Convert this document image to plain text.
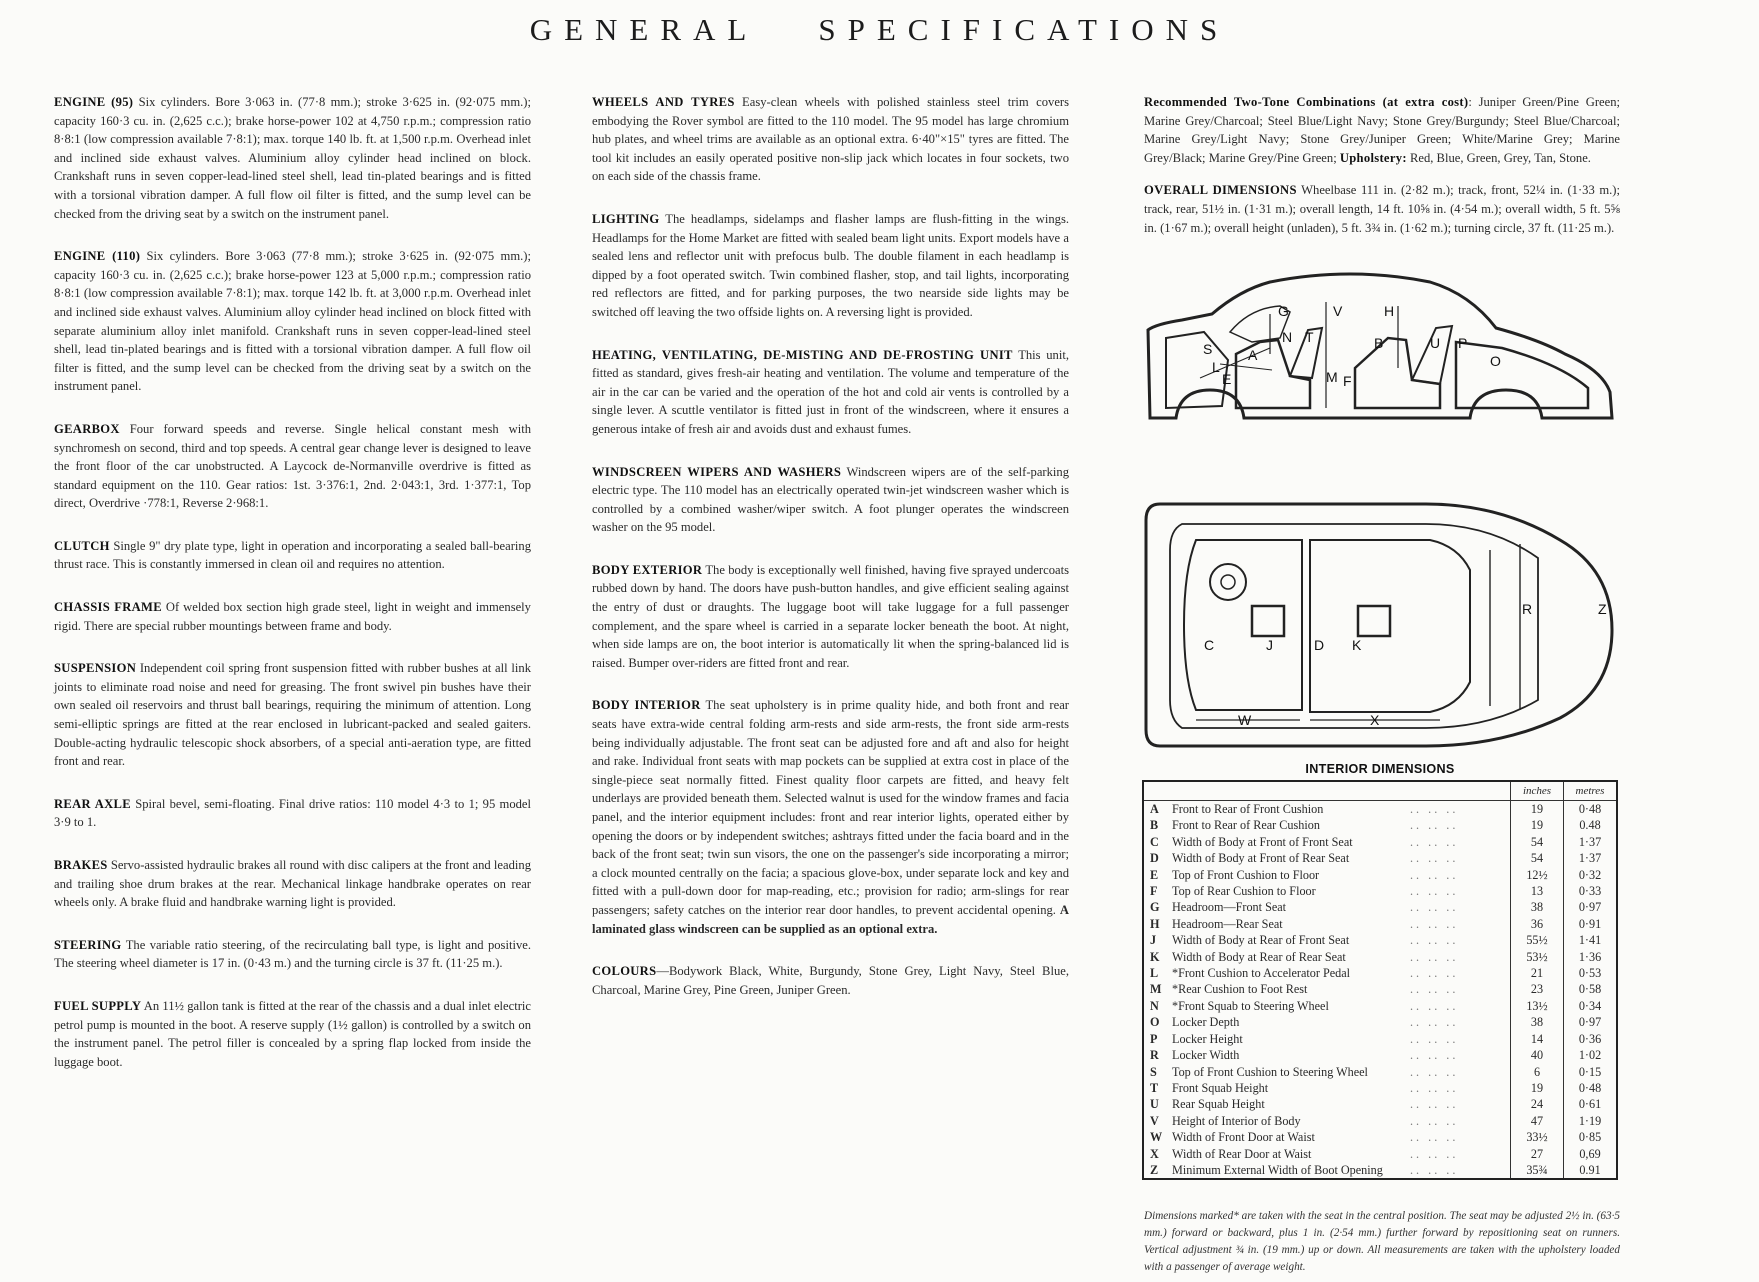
GENERAL SPECIFICATIONS

ENGINE (95) Six cylinders. Bore 3·063 in. (77·8 mm.); stroke 3·625 in. (92·075 mm.); capacity 160·3 cu. in. (2,625 c.c.); brake horse-power 102 at 4,750 r.p.m.; compression ratio 8·8:1 (low compression available 7·8:1); max. torque 140 lb. ft. at 1,500 r.p.m. Overhead inlet and inclined side exhaust valves. Aluminium alloy cylinder head inclined on block. Crankshaft runs in seven copper-lead-lined steel shell, lead tin-plated bearings and is fitted with a torsional vibration damper. A full flow oil filter is fitted, and the sump level can be checked from the driving seat by a switch on the instrument panel.

ENGINE (110) Six cylinders. Bore 3·063 (77·8 mm.); stroke 3·625 in. (92·075 mm.); capacity 160·3 cu. in. (2,625 c.c.); brake horse-power 123 at 5,000 r.p.m.; compression ratio 8·8:1 (low compression available 7·8:1); max. torque 142 lb. ft. at 3,000 r.p.m. Overhead inlet and inclined side exhaust valves. Aluminium alloy cylinder head inclined on block fitted with separate aluminium alloy inlet manifold. Crankshaft runs in seven copper-lead-lined steel shell, lead tin-plated bearings and is fitted with a torsional vibration damper. A full flow oil filter is fitted, and the sump level can be checked from the driving seat by a switch on the instrument panel.

GEARBOX Four forward speeds and reverse. Single helical constant mesh with synchromesh on second, third and top speeds. A central gear change lever is designed to leave the front floor of the car unobstructed. A Laycock de-Normanville overdrive is fitted as standard equipment on the 110. Gear ratios: 1st. 3·376:1, 2nd. 2·043:1, 3rd. 1·377:1, Top direct, Overdrive ·778:1, Reverse 2·968:1.

CLUTCH Single 9" dry plate type, light in operation and incorporating a sealed ball-bearing thrust race. This is constantly immersed in clean oil and requires no attention.

CHASSIS FRAME Of welded box section high grade steel, light in weight and immensely rigid. There are special rubber mountings between frame and body.

SUSPENSION Independent coil spring front suspension fitted with rubber bushes at all link joints to eliminate road noise and need for greasing. The front swivel pin bushes have their own sealed oil reservoirs and thrust ball bearings, requiring the minimum of attention. Long semi-elliptic springs are fitted at the rear enclosed in lubricant-packed and sealed gaiters. Double-acting hydraulic telescopic shock absorbers, of a special anti-aeration type, are fitted front and rear.

REAR AXLE Spiral bevel, semi-floating. Final drive ratios: 110 model 4·3 to 1; 95 model 3·9 to 1.

BRAKES Servo-assisted hydraulic brakes all round with disc calipers at the front and leading and trailing shoe drum brakes at the rear. Mechanical linkage handbrake operates on rear wheels only. A brake fluid and handbrake warning light is provided.

STEERING The variable ratio steering, of the recirculating ball type, is light and positive. The steering wheel diameter is 17 in. (0·43 m.) and the turning circle is 37 ft. (11·25 m.).

FUEL SUPPLY An 11½ gallon tank is fitted at the rear of the chassis and a dual inlet electric petrol pump is mounted in the boot. A reserve supply (1½ gallon) is controlled by a switch on the instrument panel. The petrol filler is concealed by a spring flap locked from inside the luggage boot.

WHEELS AND TYRES Easy-clean wheels with polished stainless steel trim covers embodying the Rover symbol are fitted to the 110 model. The 95 model has large chromium hub plates, and wheel trims are available as an optional extra. 6·40"×15" tyres are fitted. The tool kit includes an easily operated positive non-slip jack which locates in four sockets, two on each side of the chassis frame.

LIGHTING The headlamps, sidelamps and flasher lamps are flush-fitting in the wings. Headlamps for the Home Market are fitted with sealed beam light units. Export models have a sealed lens and reflector unit with prefocus bulb. The double filament in each headlamp is dipped by a foot operated switch. Twin combined flasher, stop, and tail lights, incorporating red reflectors are fitted, and for parking purposes, the two nearside side lights may be switched off leaving the two offside lights on. A reversing light is provided.

HEATING, VENTILATING, DE-MISTING AND DE-FROSTING UNIT This unit, fitted as standard, gives fresh-air heating and ventilation. The volume and temperature of the air in the car can be varied and the operation of the hot and cold air vents is controlled by a single lever. A scuttle ventilator is fitted just in front of the windscreen, where it ensures a generous intake of fresh air and avoids dust and exhaust fumes.

WINDSCREEN WIPERS AND WASHERS Windscreen wipers are of the self-parking electric type. The 110 model has an electrically operated twin-jet windscreen washer which is controlled by a combined washer/wiper switch. A foot plunger operates the windscreen washer on the 95 model.

BODY EXTERIOR The body is exceptionally well finished, having five sprayed undercoats rubbed down by hand. The doors have push-button handles, and give efficient sealing against the entry of dust or draughts. The luggage boot will take luggage for a full passenger complement, and the spare wheel is carried in a separate locker beneath the boot. At night, when side lamps are on, the boot interior is automatically lit when the spring-balanced lid is raised. Bumper over-riders are fitted front and rear.

BODY INTERIOR The seat upholstery is in prime quality hide, and both front and rear seats have extra-wide central folding arm-rests and side arm-rests, the front side arm-rests being individually adjustable. The front seat can be adjusted fore and aft and also for height and rake. Individual front seats with map pockets can be supplied at extra cost in place of the single-piece seat normally fitted. Finest quality floor carpets are fitted, and heavy felt underlays are provided beneath them. Selected walnut is used for the window frames and facia panel, and the interior equipment includes: front and rear interior lights, operated either by opening the doors or by independent switches; ashtrays fitted under the facia board and in the back of the front seat; twin sun visors, the one on the passenger's side incorporating a mirror; a clock mounted centrally on the facia; a spacious glove-box, under separate lock and key and fitted with a pull-down door for map-reading, etc.; provision for radio; arm-slings for rear passengers; safety catches on the interior rear door handles, to prevent accidental opening. A laminated glass windscreen can be supplied as an optional extra.

COLOURS—Bodywork Black, White, Burgundy, Stone Grey, Light Navy, Steel Blue, Charcoal, Marine Grey, Pine Green, Juniper Green.

Recommended Two-Tone Combinations (at extra cost): Juniper Green/Pine Green; Marine Grey/Charcoal; Steel Blue/Light Navy; Stone Grey/Burgundy; Steel Blue/Charcoal; Marine Grey/Light Navy; Stone Grey/Juniper Green; White/Marine Grey; Marine Grey/Black; Marine Grey/Pine Green; Upholstery: Red, Blue, Green, Grey, Tan, Stone.

OVERALL DIMENSIONS Wheelbase 111 in. (2·82 m.); track, front, 52¼ in. (1·33 m.); track, rear, 51½ in. (1·31 m.); overall length, 14 ft. 10⅝ in. (4·54 m.); overall width, 5 ft. 5⅝ in. (1·67 m.); overall height (unladen), 5 ft. 3¾ in. (1·62 m.); turning circle, 37 ft. (11·25 m.).

G	V	H
S
N T	B	U P
O
A
L
E	M F
R	Z
C	J	D K
W	X
INTERIOR DIMENSIONS
			inches	metres
A	Front to Rear of Front Cushion	.. .. ..	19	0·48
B	Front to Rear of Rear Cushion	.. .. ..	19	0.48
C	Width of Body at Front of Front Seat	.. .. ..	54	1·37
D	Width of Body at Front of Rear Seat	.. .. ..	54	1·37
E	Top of Front Cushion to Floor	.. .. ..	12½	0·32
F	Top of Rear Cushion to Floor	.. .. ..	13	0·33
G	Headroom—Front Seat	.. .. ..	38	0·97
H	Headroom—Rear Seat	.. .. ..	36	0·91
J	Width of Body at Rear of Front Seat	.. .. ..	55½	1·41
K	Width of Body at Rear of Rear Seat	.. .. ..	53½	1·36
L	*Front Cushion to Accelerator Pedal	.. .. ..	21	0·53
M	*Rear Cushion to Foot Rest	.. .. ..	23	0·58
N	*Front Squab to Steering Wheel	.. .. ..	13½	0·34
O	Locker Depth	.. .. ..	38	0·97
P	Locker Height	.. .. ..	14	0·36
R	Locker Width	.. .. ..	40	1·02
S	Top of Front Cushion to Steering Wheel	.. .. ..	6	0·15
T	Front Squab Height	.. .. ..	19	0·48
U	Rear Squab Height	.. .. ..	24	0·61
V	Height of Interior of Body	.. .. ..	47	1·19
W	Width of Front Door at Waist	.. .. ..	33½	0·85
X	Width of Rear Door at Waist	.. .. ..	27	0,69
Z	Minimum External Width of Boot Opening	.. .. ..	35¾	0.91
Dimensions marked* are taken with the seat in the central position. The seat may be adjusted 2½ in. (63·5 mm.) forward or backward, plus 1 in. (2·54 mm.) further forward by repositioning seat on runners. Vertical adjustment ¾ in. (19 mm.) up or down. All measurements are taken with the upholstery loaded with a passenger of average weight.
